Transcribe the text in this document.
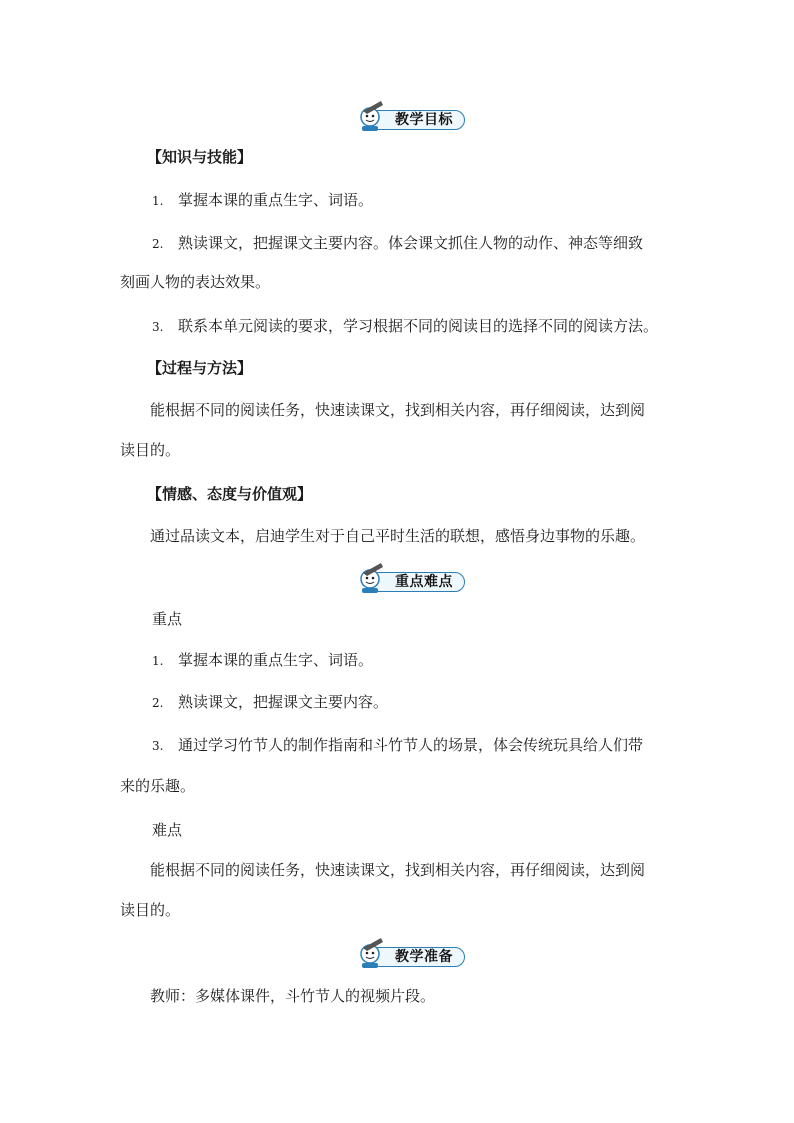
教学目标
【知识与技能】
1. 掌握本课的重点生字、词语。
2. 熟读课文，把握课文主要内容。体会课文抓住人物的动作、神态等细致
刻画人物的表达效果。
3. 联系本单元阅读的要求，学习根据不同的阅读目的选择不同的阅读方法。
【过程与方法】
能根据不同的阅读任务，快速读课文，找到相关内容，再仔细阅读，达到阅
读目的。
【情感、态度与价值观】
通过品读文本，启迪学生对于自己平时生活的联想，感悟身边事物的乐趣。
重点难点
重点
1. 掌握本课的重点生字、词语。
2. 熟读课文，把握课文主要内容。
3. 通过学习竹节人的制作指南和斗竹节人的场景，体会传统玩具给人们带
来的乐趣。
难点
能根据不同的阅读任务，快速读课文，找到相关内容，再仔细阅读，达到阅
读目的。
教学准备
教师：多媒体课件，斗竹节人的视频片段。
